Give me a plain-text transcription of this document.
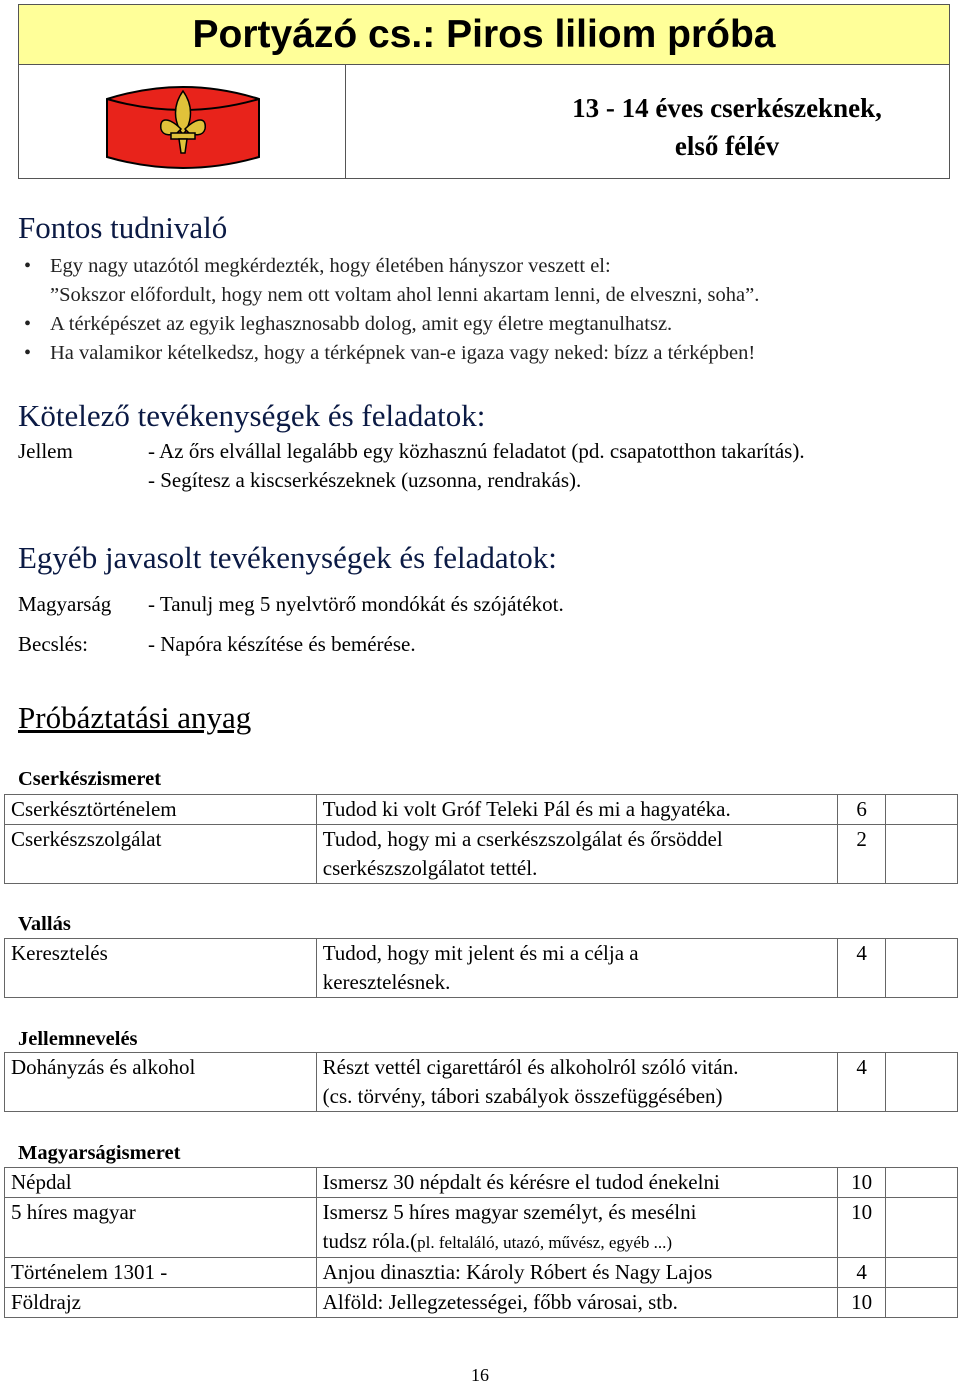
Portyázó cs.: Piros liliom próba
13 - 14 éves cserkészeknek,
első félév
Fontos tudnivaló
• Egy nagy utazótól megkérdezték, hogy életében hányszor veszett el:
”Sokszor előfordult, hogy nem ott voltam ahol lenni akartam lenni, de elveszni, soha”.
• A térképészet az egyik leghasznosabb dolog, amit egy életre megtanulhatsz.
• Ha valamikor kételkedsz, hogy a térképnek van-e igaza vagy neked: bízz a térképben!
Kötelező tevékenységek és feladatok:
Jellem	- Az őrs elvállal legalább egy közhasznú feladatot (pd. csapatotthon takarítás).
- Segítesz a kiscserkészeknek (uzsonna, rendrakás).
Egyéb javasolt tevékenységek és feladatok:
Magyarság - Tanulj meg 5 nyelvtörő mondókát és szójátékot.
Becslés:	- Napóra készítése és bemérése.
Próbáztatási anyag
Cserkészismeret
Cserkésztörténelem	Tudod ki volt Gróf Teleki Pál és mi a hagyatéka.	6	
Cserkészszolgálat	Tudod, hogy mi a cserkészszolgálat és őrsöddel
cserkészszolgálatot tettél.	2	
Vallás
Keresztelés	Tudod, hogy mit jelent és mi a célja a
keresztelésnek.	4	
Jellemnevelés
Dohányzás és alkohol	Részt vettél cigarettáról és alkoholról szóló vitán.
(cs. törvény, tábori szabályok összefüggésében)	4	
Magyarságismeret
Népdal	Ismersz 30 népdalt és kérésre el tudod énekelni	10	
5 híres magyar	Ismersz 5 híres magyar személyt, és mesélni
tudsz róla.(pl. feltaláló, utazó, művész, egyéb ...)	10	
Történelem 1301 -	Anjou dinasztia: Károly Róbert és Nagy Lajos	4	
Földrajz	Alföld: Jellegzetességei, főbb városai, stb.	10	
16
